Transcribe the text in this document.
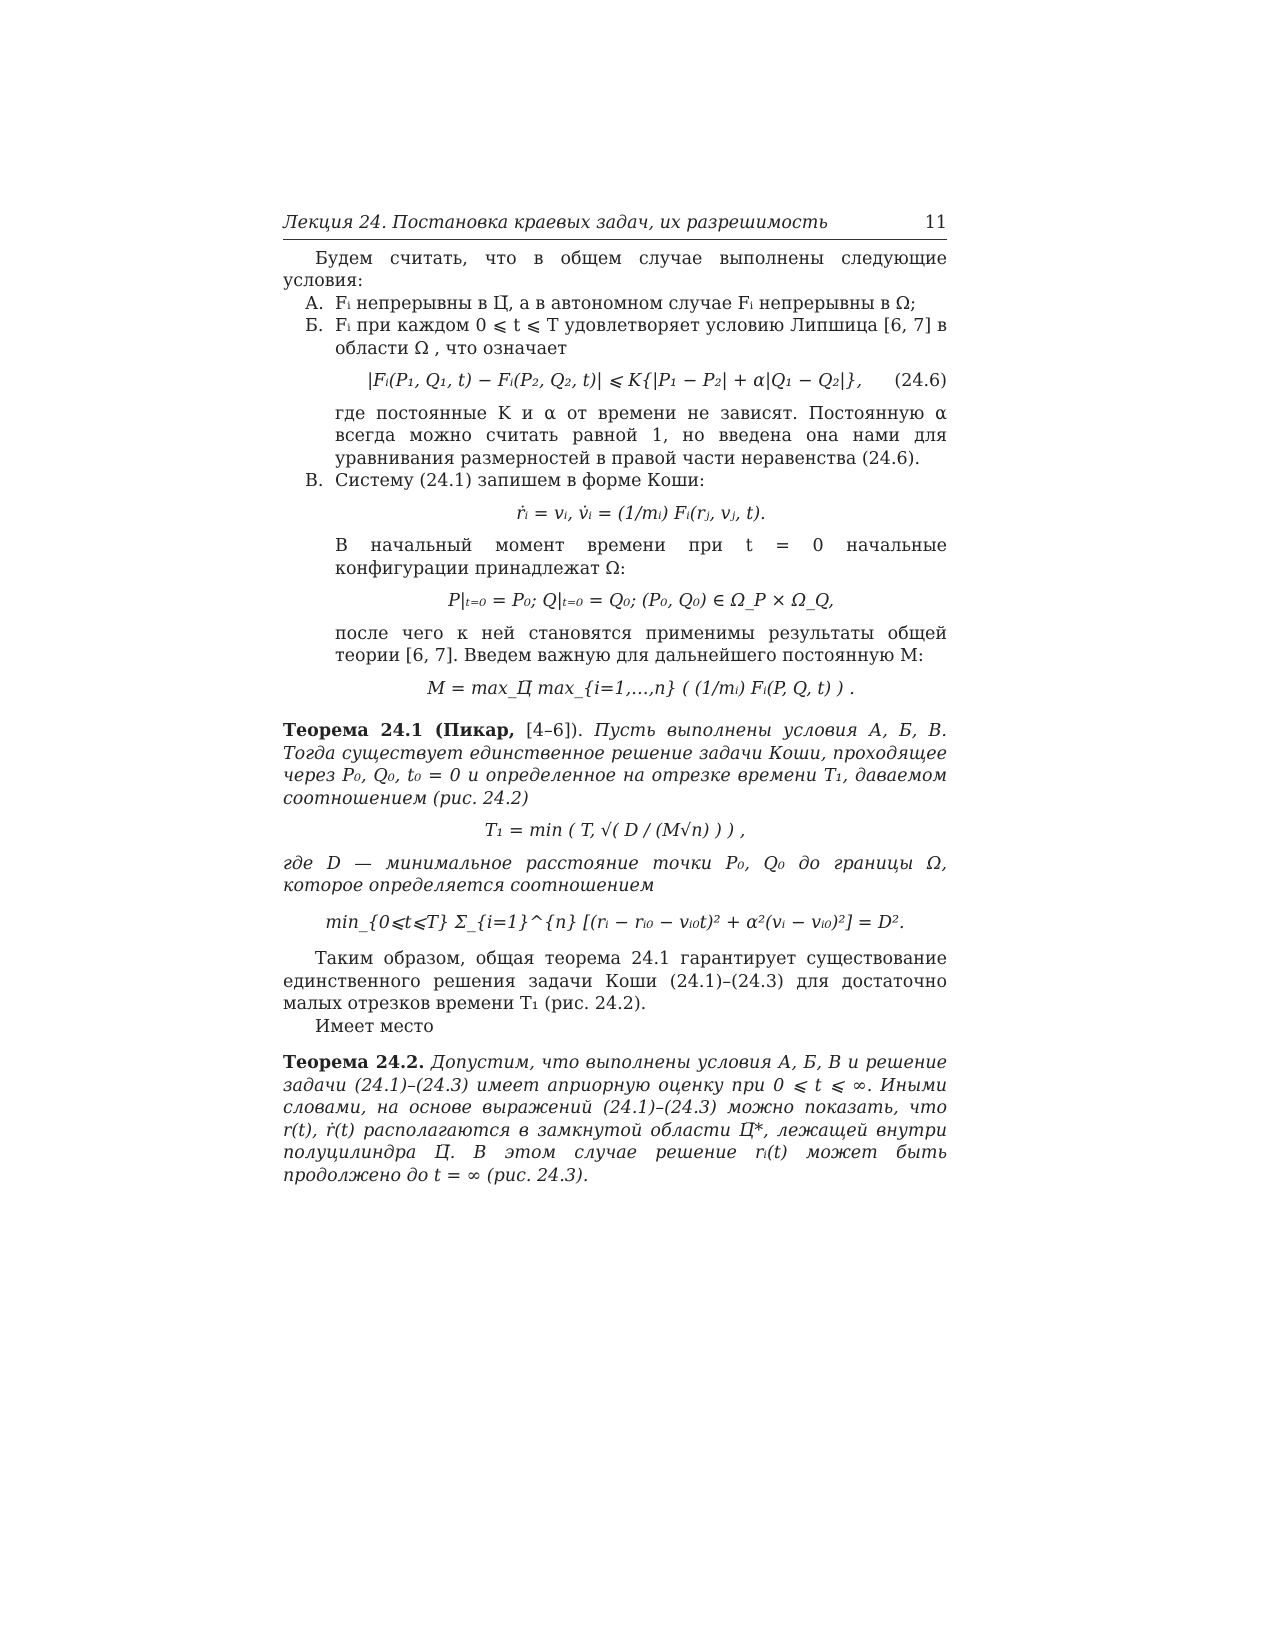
Лекция 24. Постановка краевых задач, их разрешимость	11

Будем считать, что в общем случае выполнены следующие условия:

А. Fᵢ непрерывны в Ц̅, а в автономном случае Fᵢ непрерывны в Ω;

Б. Fᵢ при каждом 0 ⩽ t ⩽ T удовлетворяет условию Липшица [6, 7] в области Ω , что означает

|Fᵢ(P₁, Q₁, t) − Fᵢ(P₂, Q₂, t)| ⩽ K{|P₁ − P₂| + α|Q₁ − Q₂|},	(24.6)

где постоянные K и α от времени не зависят. Постоянную α всегда можно считать равной 1, но введена она нами для уравнивания размерностей в правой части неравенства (24.6).

В. Систему (24.1) запишем в форме Коши:

ṙᵢ = vᵢ, v̇ᵢ = (1/mᵢ) Fᵢ(rⱼ, vⱼ, t).

В начальный момент времени при t = 0 начальные конфигурации принадлежат Ω:

P|ₜ₌₀ = P₀; Q|ₜ₌₀ = Q₀; (P₀, Q₀) ∈ Ω_P × Ω_Q,

после чего к ней становятся применимы результаты общей теории [6, 7]. Введем важную для дальнейшего постоянную M:

M = max_Ц̅ max_{i=1,…,n} ( (1/mᵢ) Fᵢ(P, Q, t) ) .

Теорема 24.1 (Пикар, [4–6]). Пусть выполнены условия А, Б, В. Тогда существует единственное решение задачи Коши, проходящее через P₀, Q₀, t₀ = 0 и определенное на отрезке времени T₁, даваемом соотношением (рис. 24.2)

T₁ = min ( T, √( D / (M√n) ) ) ,

где D — минимальное расстояние точки P₀, Q₀ до границы Ω, которое определяется соотношением

min_{0⩽t⩽T} Σ_{i=1}^{n} [(rᵢ − rᵢ₀ − vᵢ₀t)² + α²(vᵢ − vᵢ₀)²] = D².

Таким образом, общая теорема 24.1 гарантирует существование единственного решения задачи Коши (24.1)–(24.3) для достаточно малых отрезков времени T₁ (рис. 24.2).

Имеет место

Теорема 24.2. Допустим, что выполнены условия А, Б, В и решение задачи (24.1)–(24.3) имеет априорную оценку при 0 ⩽ t ⩽ ∞. Иными словами, на основе выражений (24.1)–(24.3) можно показать, что r(t), ṙ(t) располагаются в замкнутой области Ц̅*, лежащей внутри полуцилиндра Ц̅. В этом случае решение rᵢ(t) может быть продолжено до t = ∞ (рис. 24.3).
